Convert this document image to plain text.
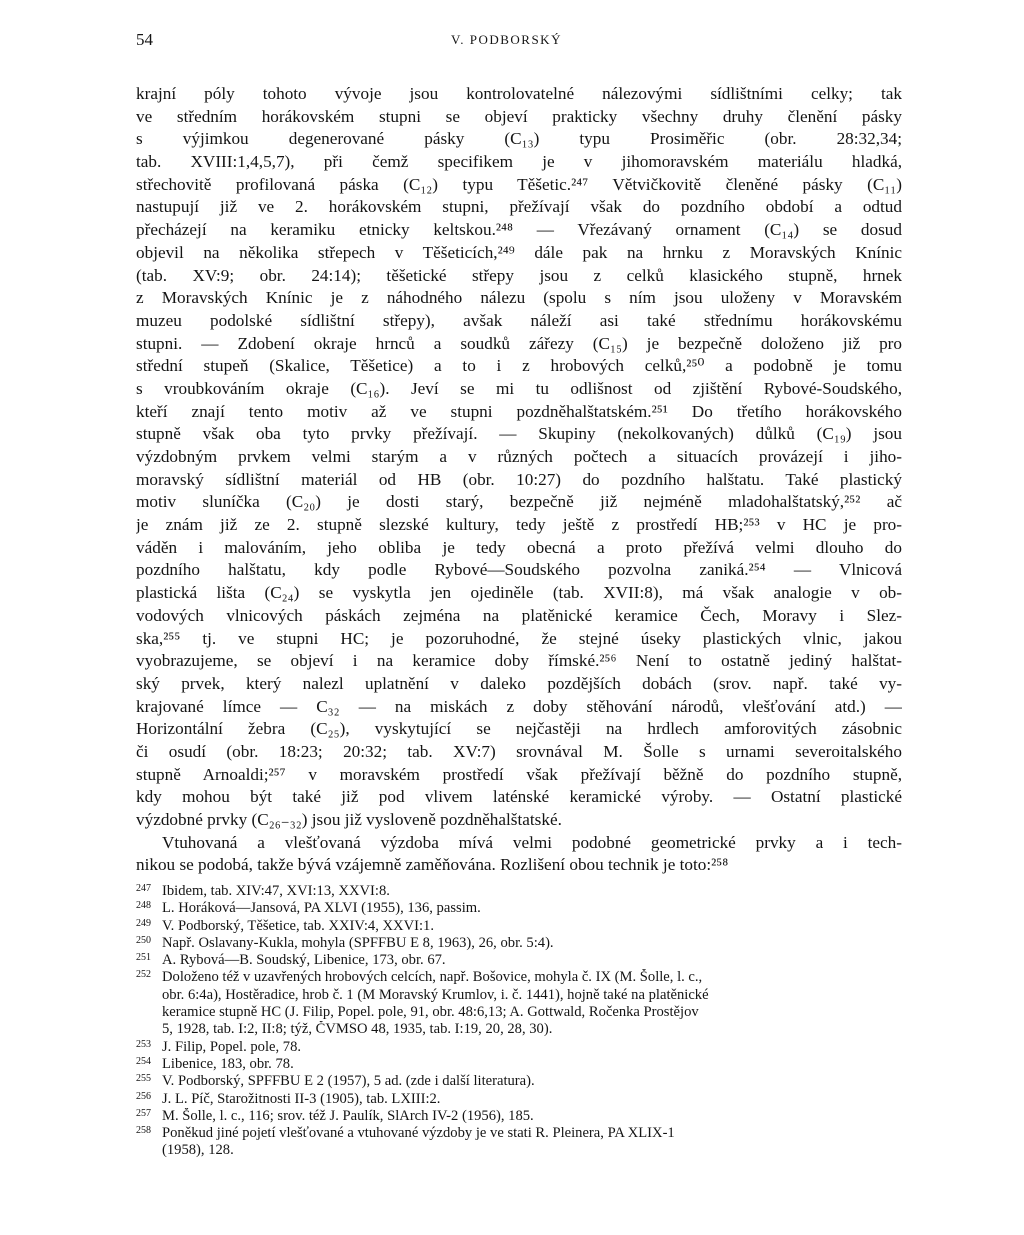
54	V. PODBORSKÝ
krajní póly tohoto vývoje jsou kontrolovatelné nálezovými sídlištními celky; tak
ve středním horákovském stupni se objeví prakticky všechny druhy členění pásky
s výjimkou degenerované pásky (C₁₃) typu Prosiměřic (obr. 28:32,34;
tab. XVIII:1,4,5,7), při čemž specifikem je v jihomoravském materiálu hladká,
střechovitě profilovaná páska (C₁₂) typu Těšetic.²⁴⁷ Větvičkovitě členěné pásky (C₁₁)
nastupují již ve 2. horákovském stupni, přežívají však do pozdního období a odtud
přecházejí na keramiku etnicky keltskou.²⁴⁸ — Vřezávaný ornament (C₁₄) se dosud
objevil na několika střepech v Těšeticích,²⁴⁹ dále pak na hrnku z Moravských Knínic
(tab. XV:9; obr. 24:14); těšetické střepy jsou z celků klasického stupně, hrnek
z Moravských Knínic je z náhodného nálezu (spolu s ním jsou uloženy v Moravském
muzeu podolské sídlištní střepy), avšak náleží asi také střednímu horákovskému
stupni. — Zdobení okraje hrnců a soudků zářezy (C₁₅) je bezpečně doloženo již pro
střední stupeň (Skalice, Těšetice) a to i z hrobových celků,²⁵⁰ a podobně je tomu
s vroubkováním okraje (C₁₆). Jeví se mi tu odlišnost od zjištění Rybové-Soudského,
kteří znají tento motiv až ve stupni pozdněhalštatském.²⁵¹ Do třetího horákovského
stupně však oba tyto prvky přežívají. — Skupiny (nekolkovaných) důlků (C₁₉) jsou
výzdobným prvkem velmi starým a v různých počtech a situacích provázejí i jiho-
moravský sídlištní materiál od HB (obr. 10:27) do pozdního halštatu. Také plastický
motiv sluníčka (C₂₀) je dosti starý, bezpečně již nejméně mladohalštatský,²⁵² ač
je znám již ze 2. stupně slezské kultury, tedy ještě z prostředí HB;²⁵³ v HC je pro-
váděn i malováním, jeho obliba je tedy obecná a proto přežívá velmi dlouho do
pozdního halštatu, kdy podle Rybové—Soudského pozvolna zaniká.²⁵⁴ — Vlnicová
plastická lišta (C₂₄) se vyskytla jen ojediněle (tab. XVII:8), má však analogie v ob-
vodových vlnicových páskách zejména na platěnické keramice Čech, Moravy i Slez-
ska,²⁵⁵ tj. ve stupni HC; je pozoruhodné, že stejné úseky plastických vlnic, jakou
vyobrazujeme, se objeví i na keramice doby římské.²⁵⁶ Není to ostatně jediný halštat-
ský prvek, který nalezl uplatnění v daleko pozdějších dobách (srov. např. také vy-
krajované límce — C₃₂ — na miskách z doby stěhování národů, vlešťování atd.) —
Horizontální žebra (C₂₅), vyskytující se nejčastěji na hrdlech amforovitých zásobnic
či osudí (obr. 18:23; 20:32; tab. XV:7) srovnával M. Šolle s urnami severoitalského
stupně Arnoaldi;²⁵⁷ v moravském prostředí však přežívají běžně do pozdního stupně,
kdy mohou být také již pod vlivem laténské keramické výroby. — Ostatní plastické
výzdobné prvky (C₂₆₋₃₂) jsou již vysloveně pozdněhalštatské.
Vtuhovaná a vlešťovaná výzdoba mívá velmi podobné geometrické prvky a i tech-
nikou se podobá, takže bývá vzájemně zaměňována. Rozlišení obou technik je toto:²⁵⁸
247 Ibidem, tab. XIV:47, XVI:13, XXVI:8.
248 L. Horáková—Jansová, PA XLVI (1955), 136, passim.
249 V. Podborský, Těšetice, tab. XXIV:4, XXVI:1.
250 Např. Oslavany-Kukla, mohyla (SPFFBU E 8, 1963), 26, obr. 5:4).
251 A. Rybová—B. Soudský, Libenice, 173, obr. 67.
252 Doloženo též v uzavřených hrobových celcích, např. Bošovice, mohyla č. IX (M. Šolle, l. c.,
obr. 6:4a), Hostěradice, hrob č. 1 (M Moravský Krumlov, i. č. 1441), hojně také na platěnické
keramice stupně HC (J. Filip, Popel. pole, 91, obr. 48:6,13; A. Gottwald, Ročenka Prostějov
5, 1928, tab. I:2, II:8; týž, ČVMSO 48, 1935, tab. I:19, 20, 28, 30).
253 J. Filip, Popel. pole, 78.
254 Libenice, 183, obr. 78.
255 V. Podborský, SPFFBU E 2 (1957), 5 ad. (zde i další literatura).
256 J. L. Píč, Starožitnosti II-3 (1905), tab. LXIII:2.
257 M. Šolle, l. c., 116; srov. též J. Paulík, SlArch IV-2 (1956), 185.
258 Poněkud jiné pojetí vlešťované a vtuhované výzdoby je ve stati R. Pleinera, PA XLIX-1
(1958), 128.
